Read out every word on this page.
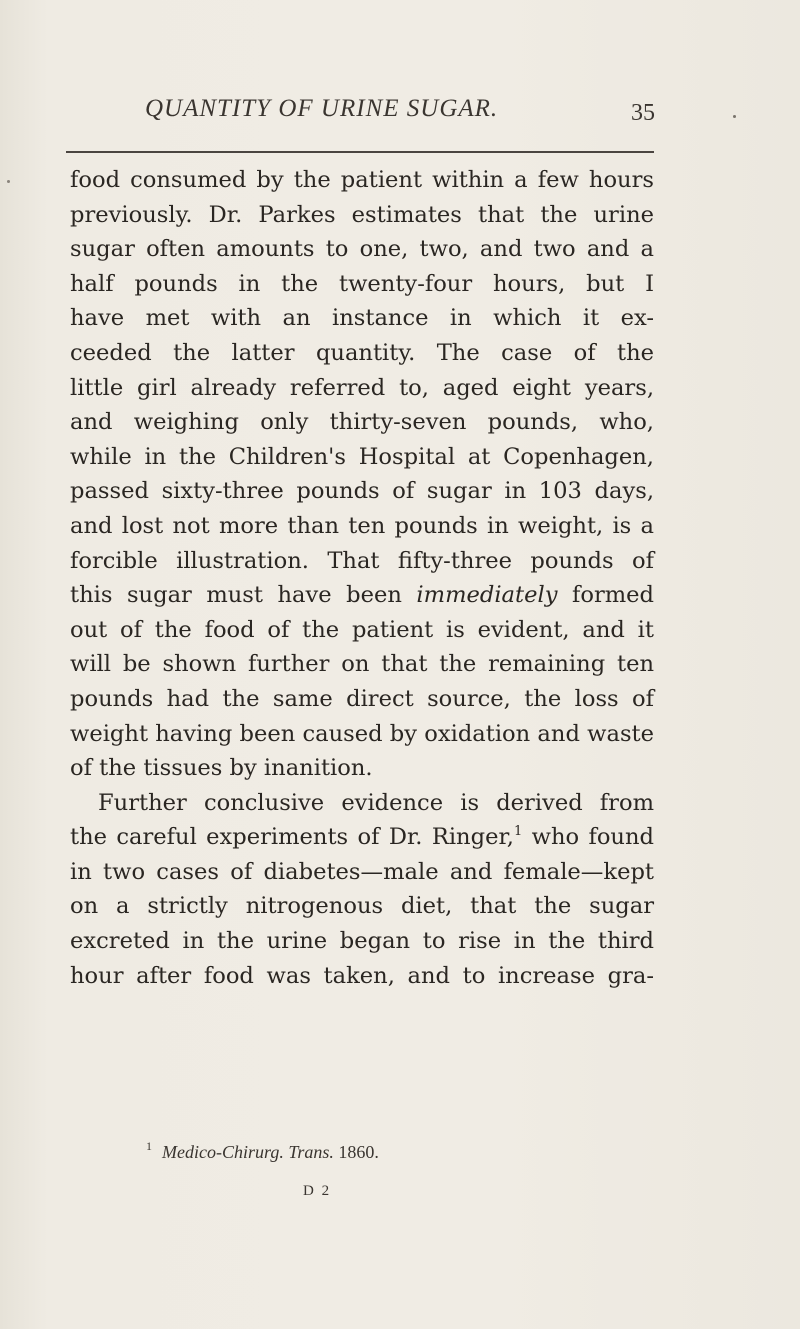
QUANTITY OF URINE SUGAR.	35
food consumed by the patient within a few hours
previously. Dr. Parkes estimates that the urine
sugar often amounts to one, two, and two and a
half pounds in the twenty-four hours, but I
have met with an instance in which it ex-
ceeded the latter quantity. The case of the
little girl already referred to, aged eight years,
and weighing only thirty-seven pounds, who,
while in the Children's Hospital at Copenhagen,
passed sixty-three pounds of sugar in 103 days,
and lost not more than ten pounds in weight, is a
forcible illustration. That fifty-three pounds of
this sugar must have been immediately formed
out of the food of the patient is evident, and it
will be shown further on that the remaining ten
pounds had the same direct source, the loss of
weight having been caused by oxidation and waste
of the tissues by inanition.
Further conclusive evidence is derived from
the careful experiments of Dr. Ringer,$^1$ who found
in two cases of diabetes—male and female—kept
on a strictly nitrogenous diet, that the sugar
excreted in the urine began to rise in the third
hour after food was taken, and to increase gra-
$^1$ Medico-Chirurg. Trans. 1860.
D 2
